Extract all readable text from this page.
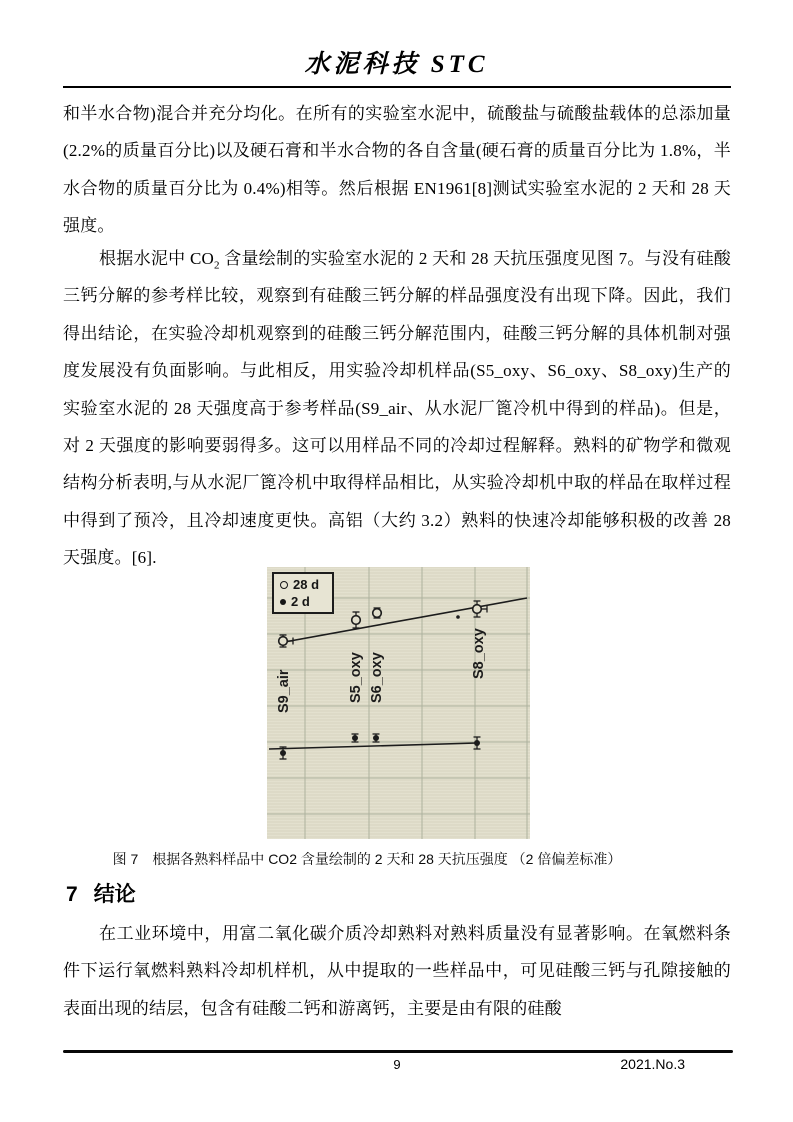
水泥科技 STC

和半水合物)混合并充分均化。在所有的实验室水泥中，硫酸盐与硫酸盐载体的总添加量(2.2%的质量百分比)以及硬石膏和半水合物的各自含量(硬石膏的质量百分比为 1.8%，半水合物的质量百分比为 0.4%)相等。然后根据 EN1961[8]测试实验室水泥的 2 天和 28 天强度。

根据水泥中 $CO_2$ 含量绘制的实验室水泥的 2 天和 28 天抗压强度见图 7。与没有硅酸三钙分解的参考样比较，观察到有硅酸三钙分解的样品强度没有出现下降。因此，我们得出结论，在实验冷却机观察到的硅酸三钙分解范围内，硅酸三钙分解的具体机制对强度发展没有负面影响。与此相反，用实验冷却机样品(S5_oxy、S6_oxy、S8_oxy)生产的实验室水泥的 28 天强度高于参考样品(S9_air、从水泥厂篦冷机中得到的样品)。但是，对 2 天强度的影响要弱得多。这可以用样品不同的冷却过程解释。熟料的矿物学和微观结构分析表明,与从水泥厂篦冷机中取得样品相比，从实验冷却机中取的样品在取样过程中得到了预冷，且冷却速度更快。高铝（大约 3.2）熟料的快速冷却能够积极的改善 28 天强度。[6].

S9_air	S5_oxy S6_oxy	S8_oxy
28 d
2 d
图 7 根据各熟料样品中 CO2 含量绘制的 2 天和 28 天抗压强度 （2 倍偏差标准）
7 结论

在工业环境中，用富二氧化碳介质冷却熟料对熟料质量没有显著影响。在氧燃料条件下运行氧燃料熟料冷却机样机，从中提取的一些样品中，可见硅酸三钙与孔隙接触的表面出现的结层，包含有硅酸二钙和游离钙，主要是由有限的硅酸

9	2021.No.3
